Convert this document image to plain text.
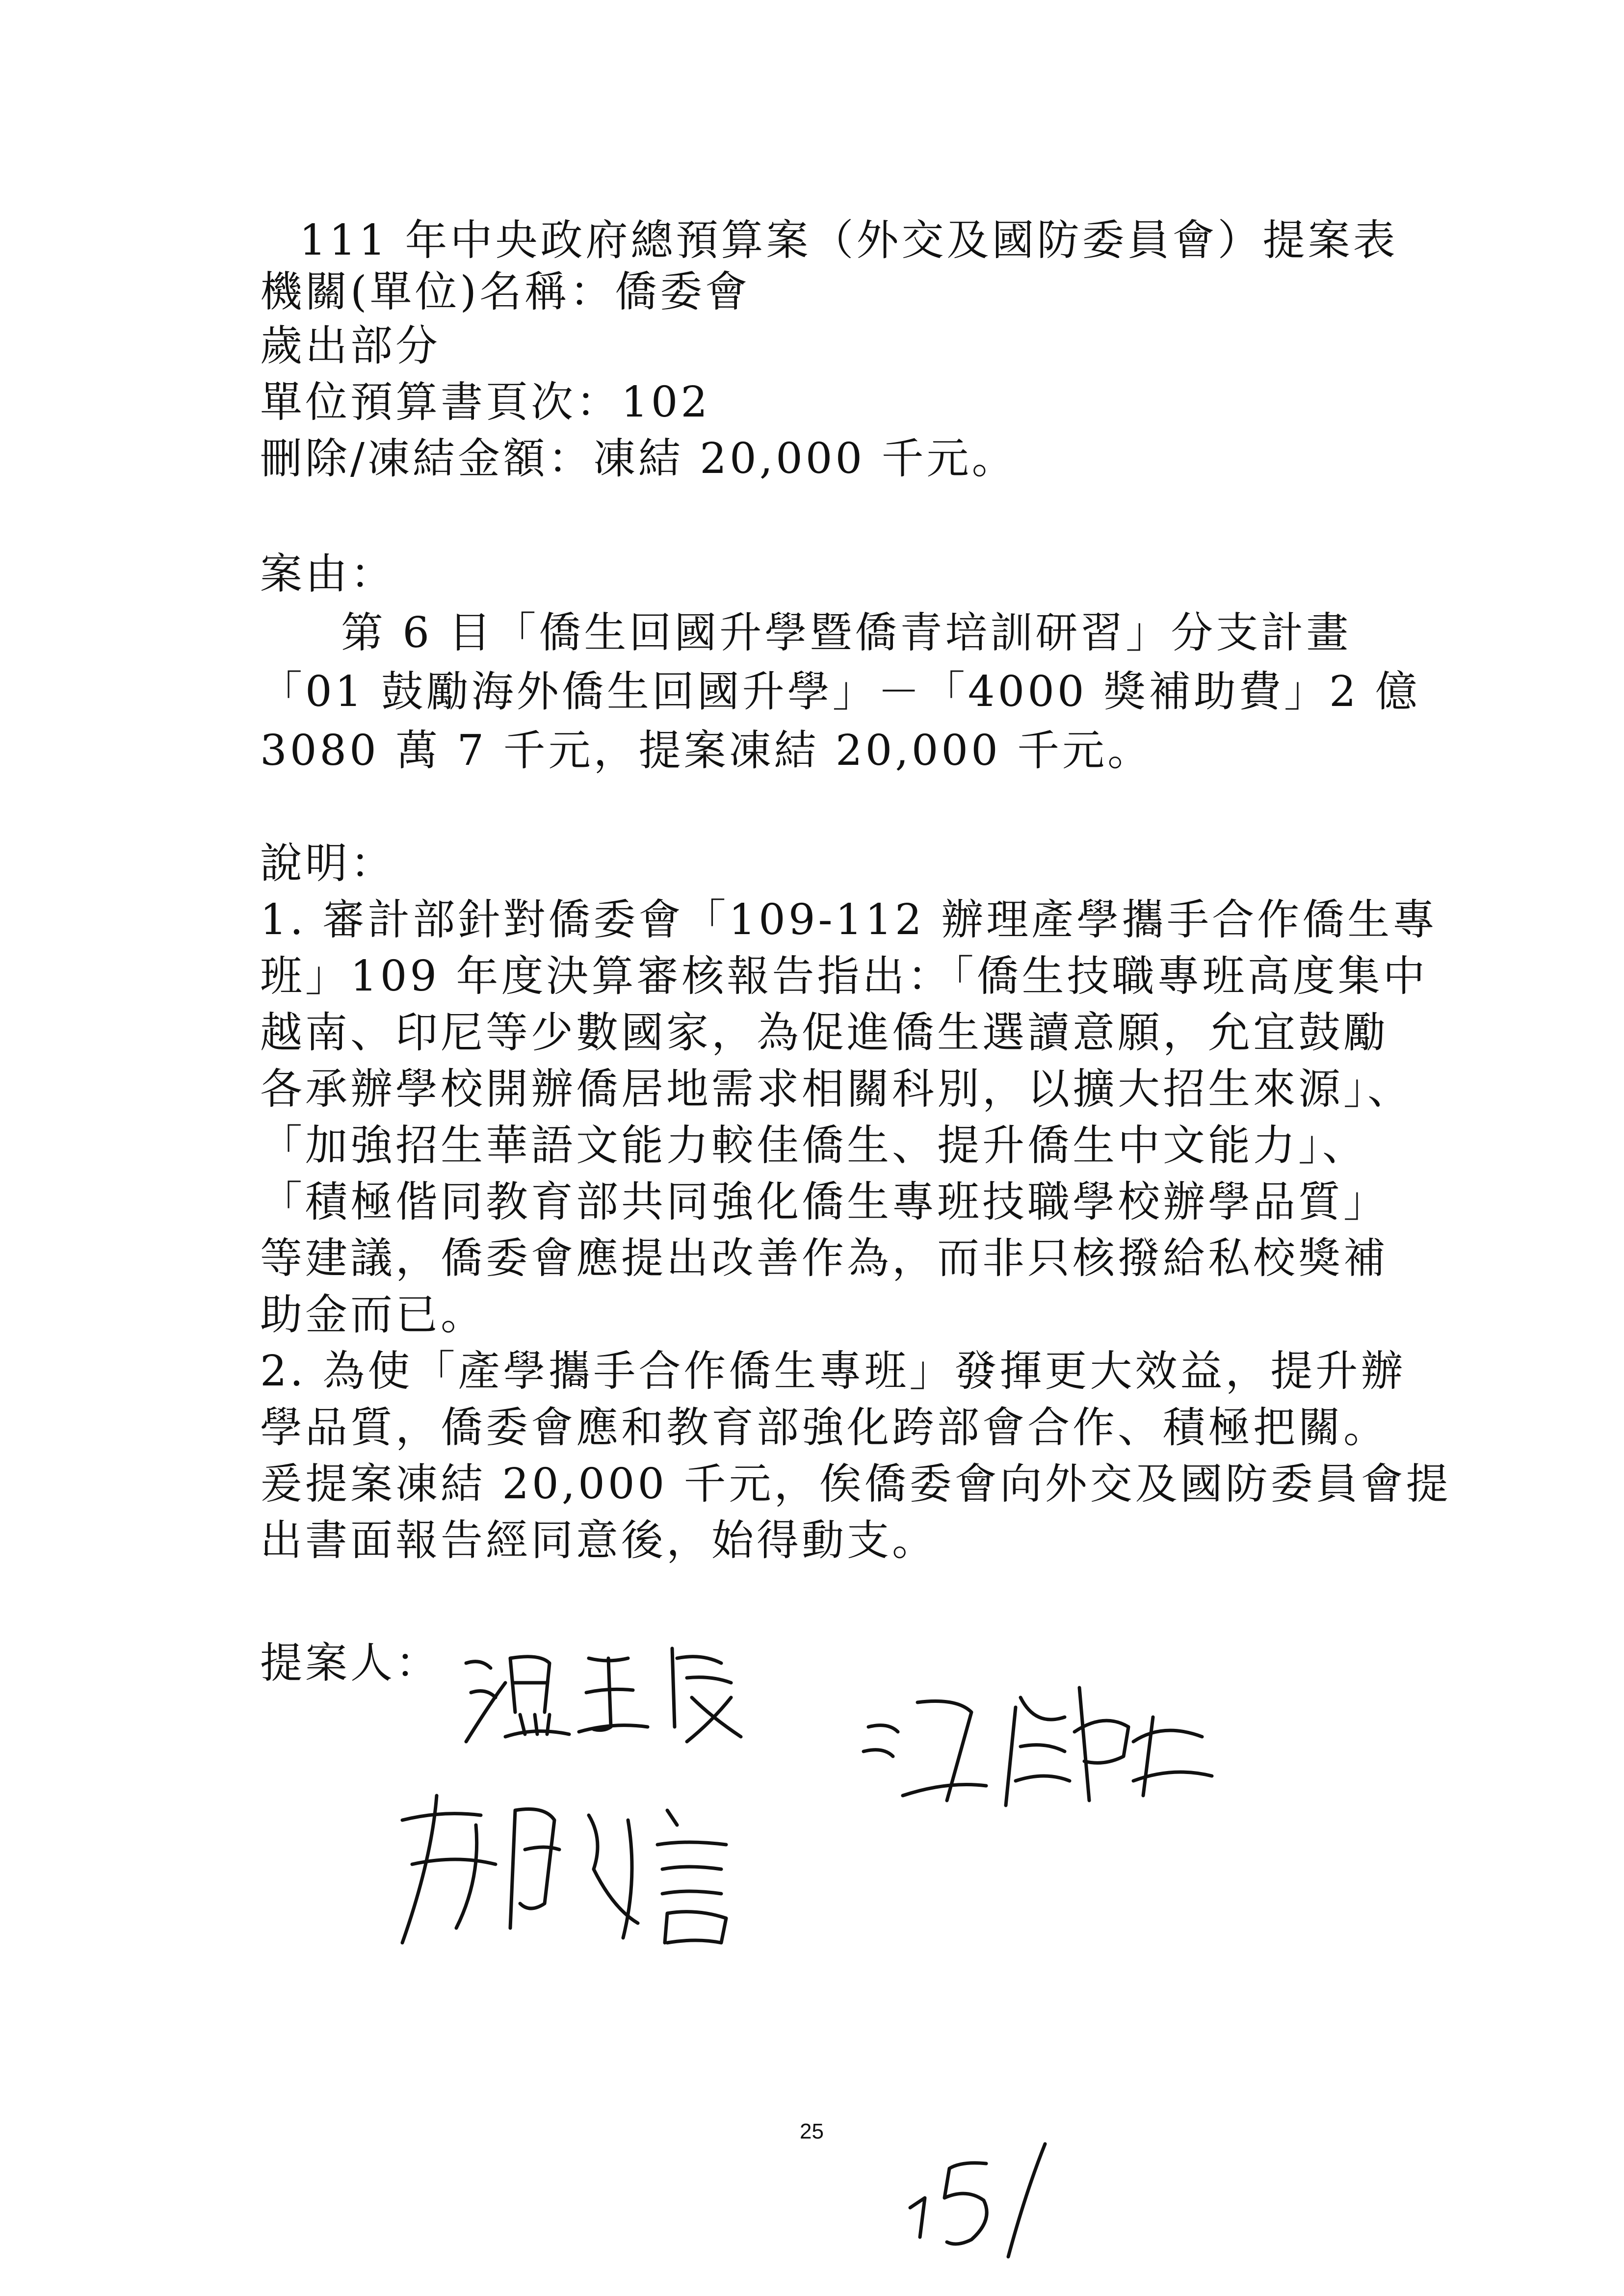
111 年中央政府總預算案（外交及國防委員會）提案表
機關(單位)名稱：僑委會
歲出部分
單位預算書頁次：102
刪除/凍結金額：凍結 20,000 千元。
案由：
第 6 目「僑生回國升學暨僑青培訓研習」分支計畫
「01 鼓勵海外僑生回國升學」－「4000 獎補助費」2 億
3080 萬 7 千元，提案凍結 20,000 千元。
說明：
1. 審計部針對僑委會「109-112 辦理產學攜手合作僑生專
班」109 年度決算審核報告指出：「僑生技職專班高度集中
越南、印尼等少數國家，為促進僑生選讀意願，允宜鼓勵
各承辦學校開辦僑居地需求相關科別，以擴大招生來源」、
「加強招生華語文能力較佳僑生、提升僑生中文能力」、
「積極偕同教育部共同強化僑生專班技職學校辦學品質」
等建議，僑委會應提出改善作為，而非只核撥給私校獎補
助金而已。
2. 為使「產學攜手合作僑生專班」發揮更大效益，提升辦
學品質，僑委會應和教育部強化跨部會合作、積極把關。
爰提案凍結 20,000 千元，俟僑委會向外交及國防委員會提
出書面報告經同意後，始得動支。
提案人：
25
